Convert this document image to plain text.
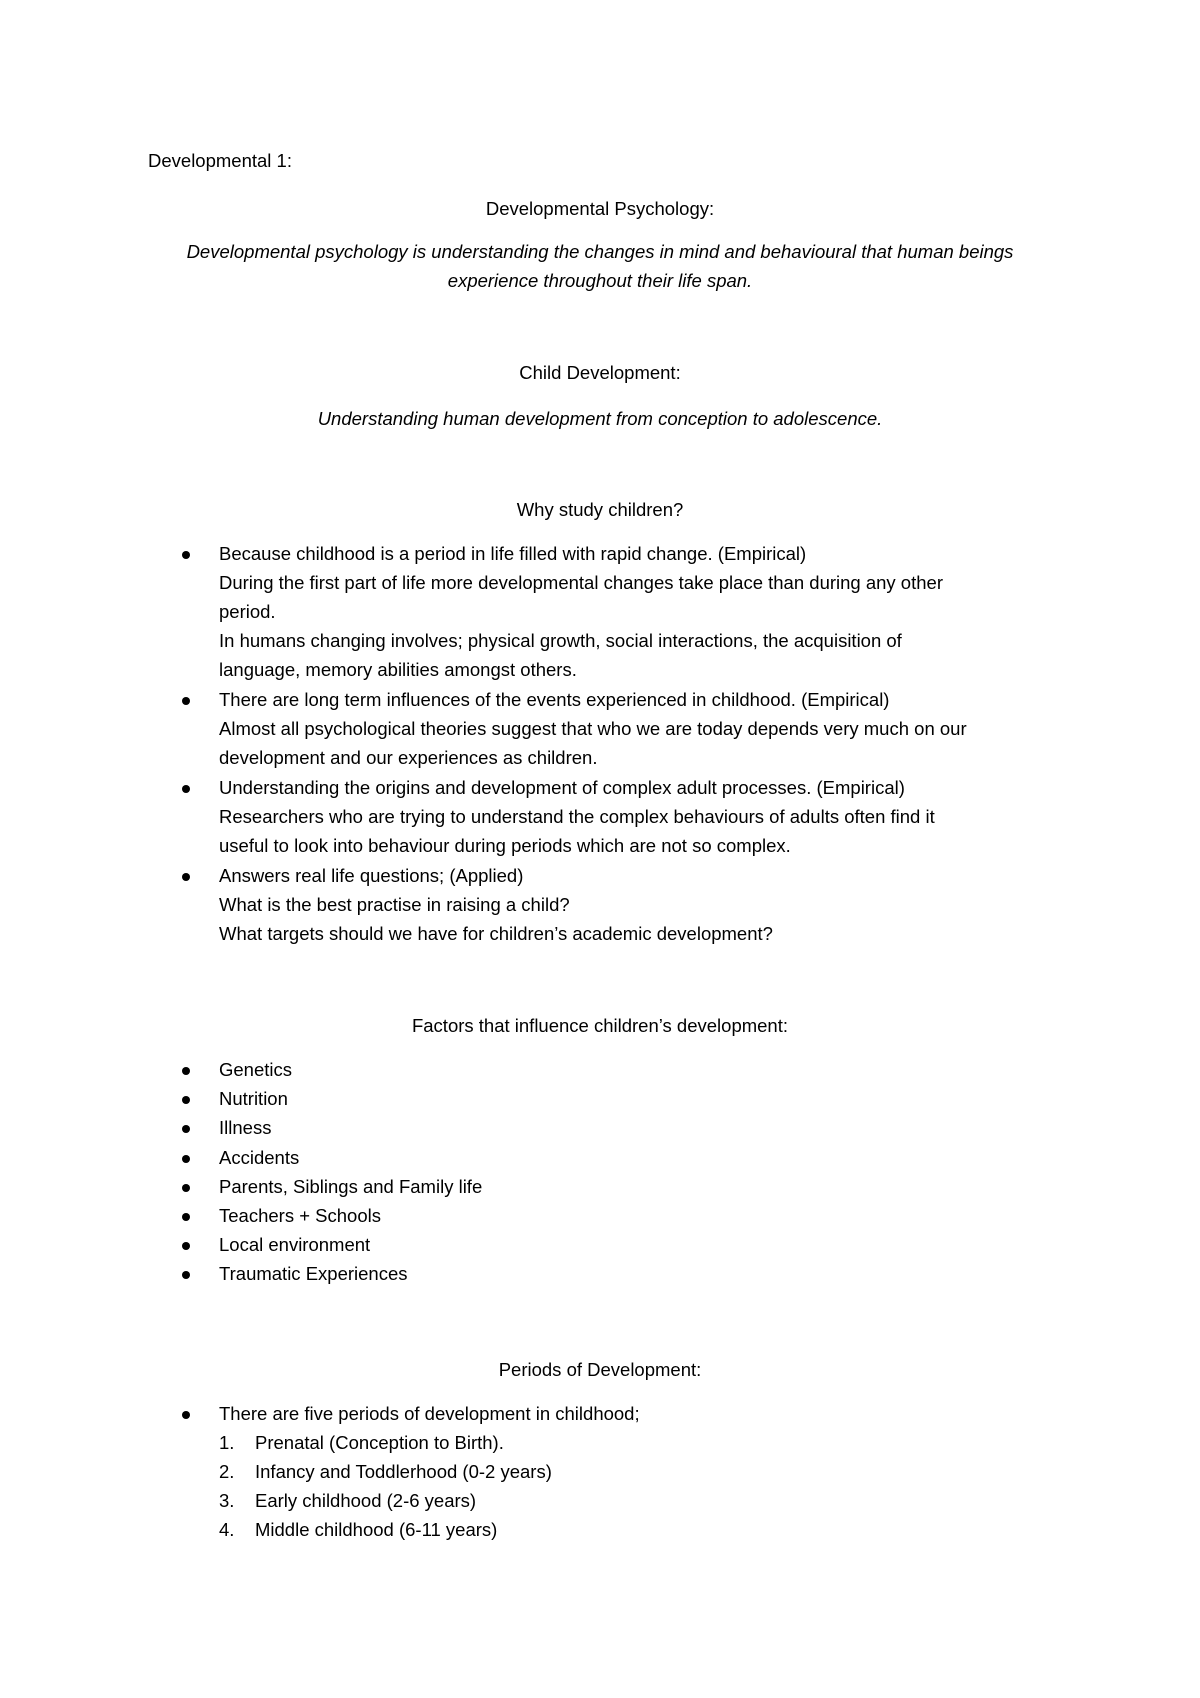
Developmental 1:
Developmental Psychology:
Developmental psychology is understanding the changes in mind and behavioural that human beings
experience throughout their life span.
Child Development:
Understanding human development from conception to adolescence.
Why study children?
Because childhood is a period in life filled with rapid change. (Empirical)
During the first part of life more developmental changes take place than during any other
period.
In humans changing involves; physical growth, social interactions, the acquisition of
language, memory abilities amongst others.
There are long term influences of the events experienced in childhood. (Empirical)
Almost all psychological theories suggest that who we are today depends very much on our
development and our experiences as children.
Understanding the origins and development of complex adult processes. (Empirical)
Researchers who are trying to understand the complex behaviours of adults often find it
useful to look into behaviour during periods which are not so complex.
Answers real life questions; (Applied)
What is the best practise in raising a child?
What targets should we have for children’s academic development?
Factors that influence children’s development:
Genetics
Nutrition
Illness
Accidents
Parents, Siblings and Family life
Teachers + Schools
Local environment
Traumatic Experiences
Periods of Development:
There are five periods of development in childhood;
1. Prenatal (Conception to Birth).
2. Infancy and Toddlerhood (0-2 years)
3. Early childhood (2-6 years)
4. Middle childhood (6-11 years)
